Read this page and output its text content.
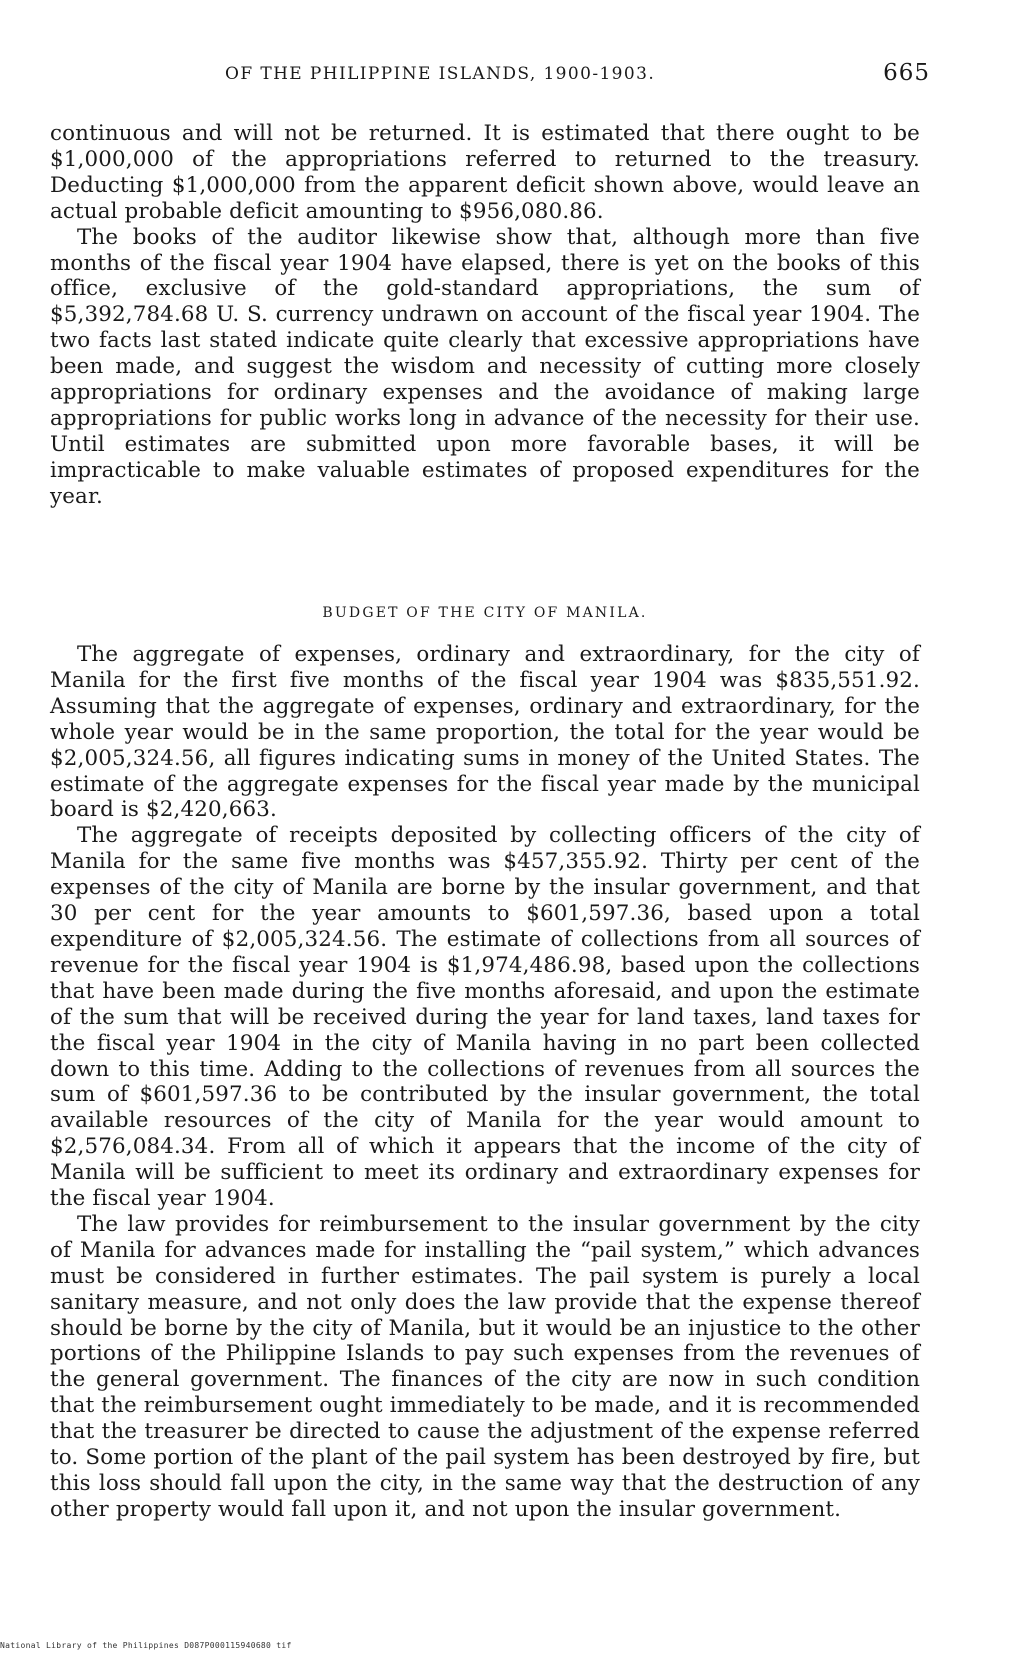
OF THE PHILIPPINE ISLANDS, 1900-1903.	665

continuous and will not be returned. It is estimated that there ought to be $1,000,000 of the appropriations referred to returned to the treasury. Deducting $1,000,000 from the apparent deficit shown above, would leave an actual probable deficit amounting to $956,080.86.

The books of the auditor likewise show that, although more than five months of the fiscal year 1904 have elapsed, there is yet on the books of this office, exclusive of the gold-standard appropriations, the sum of $5,392,784.68 U. S. currency undrawn on account of the fiscal year 1904. The two facts last stated indicate quite clearly that excessive appropriations have been made, and suggest the wisdom and necessity of cutting more closely appropriations for ordinary expenses and the avoidance of making large appropriations for public works long in advance of the necessity for their use. Until estimates are submitted upon more favorable bases, it will be impracticable to make valuable estimates of proposed expenditures for the year.

BUDGET OF THE CITY OF MANILA.

The aggregate of expenses, ordinary and extraordinary, for the city of Manila for the first five months of the fiscal year 1904 was $835,551.92. Assuming that the aggregate of expenses, ordinary and extraordinary, for the whole year would be in the same proportion, the total for the year would be $2,005,324.56, all figures indicating sums in money of the United States. The estimate of the aggregate expenses for the fiscal year made by the municipal board is $2,420,663.

The aggregate of receipts deposited by collecting officers of the city of Manila for the same five months was $457,355.92. Thirty per cent of the expenses of the city of Manila are borne by the insular government, and that 30 per cent for the year amounts to $601,597.36, based upon a total expenditure of $2,005,324.56. The estimate of collections from all sources of revenue for the fiscal year 1904 is $1,974,486.98, based upon the collections that have been made during the five months aforesaid, and upon the estimate of the sum that will be received during the year for land taxes, land taxes for the fiscal year 1904 in the city of Manila having in no part been collected down to this time. Adding to the collections of revenues from all sources the sum of $601,597.36 to be contributed by the insular government, the total available resources of the city of Manila for the year would amount to $2,576,084.34. From all of which it appears that the income of the city of Manila will be sufficient to meet its ordinary and extraordinary expenses for the fiscal year 1904.

The law provides for reimbursement to the insular government by the city of Manila for advances made for installing the “pail system,” which advances must be considered in further estimates. The pail system is purely a local sanitary measure, and not only does the law provide that the expense thereof should be borne by the city of Manila, but it would be an injustice to the other portions of the Philippine Islands to pay such expenses from the revenues of the general government. The finances of the city are now in such condition that the reimbursement ought immediately to be made, and it is recommended that the treasurer be directed to cause the adjustment of the expense referred to. Some portion of the plant of the pail system has been destroyed by fire, but this loss should fall upon the city, in the same way that the destruction of any other property would fall upon it, and not upon the insular government.

National Library of the Philippines D087P000115940680 tif
